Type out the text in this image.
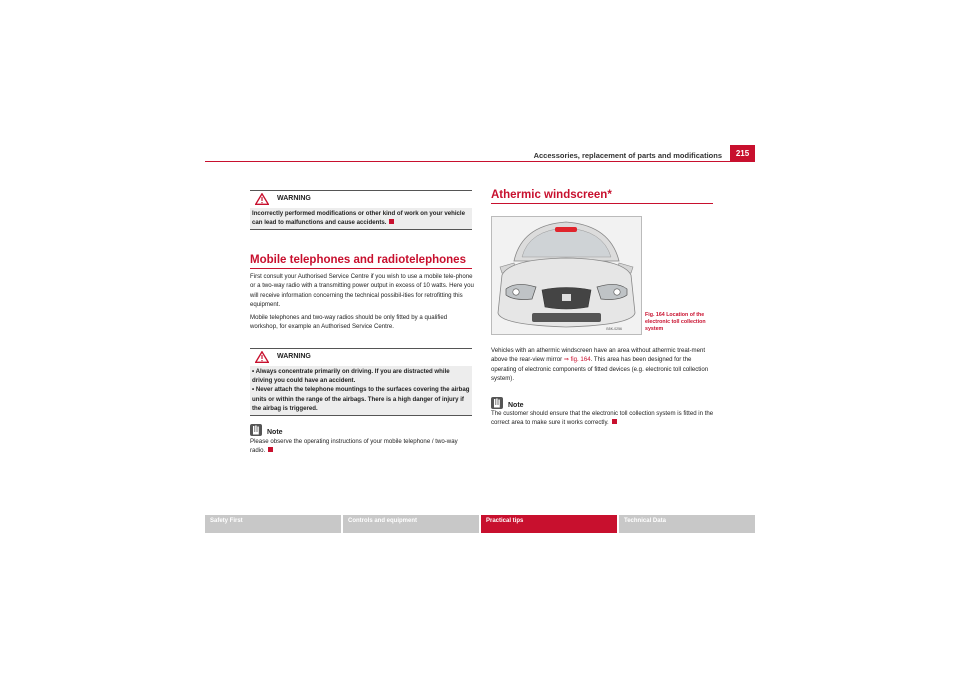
Accessories, replacement of parts and modifications	215
WARNING
Incorrectly performed modifications or other kind of work on your vehicle can lead to malfunctions and cause accidents.
Mobile telephones and radiotelephones

First consult your Authorised Service Centre if you wish to use a mobile tele-phone or a two-way radio with a transmitting power output in excess of 10 watts. Here you will receive information concerning the technical possibil-ities for retrofitting this equipment.

Mobile telephones and two-way radios should be only fitted by a qualified workshop, for example an Authorised Service Centre.

WARNING
• Always concentrate primarily on driving. If you are distracted while driving you could have an accident.
• Never attach the telephone mountings to the surfaces covering the airbag units or within the range of the airbags. There is a high danger of injury if the airbag is triggered.
Note
Please observe the operating instructions of your mobile telephone / two-way radio.
Athermic windscreen*
B5K-0256
Fig. 164 Location of the electronic toll collection system
Vehicles with an athermic windscreen have an area without athermic treat-ment above the rear-view mirror ⇒ fig. 164. This area has been designed for the operating of electronic components of fitted devices (e.g. electronic toll collection system).
Note
The customer should ensure that the electronic toll collection system is fitted in the correct area to make sure it works correctly.
Safety First	Controls and equipment	Practical tips	Technical Data
